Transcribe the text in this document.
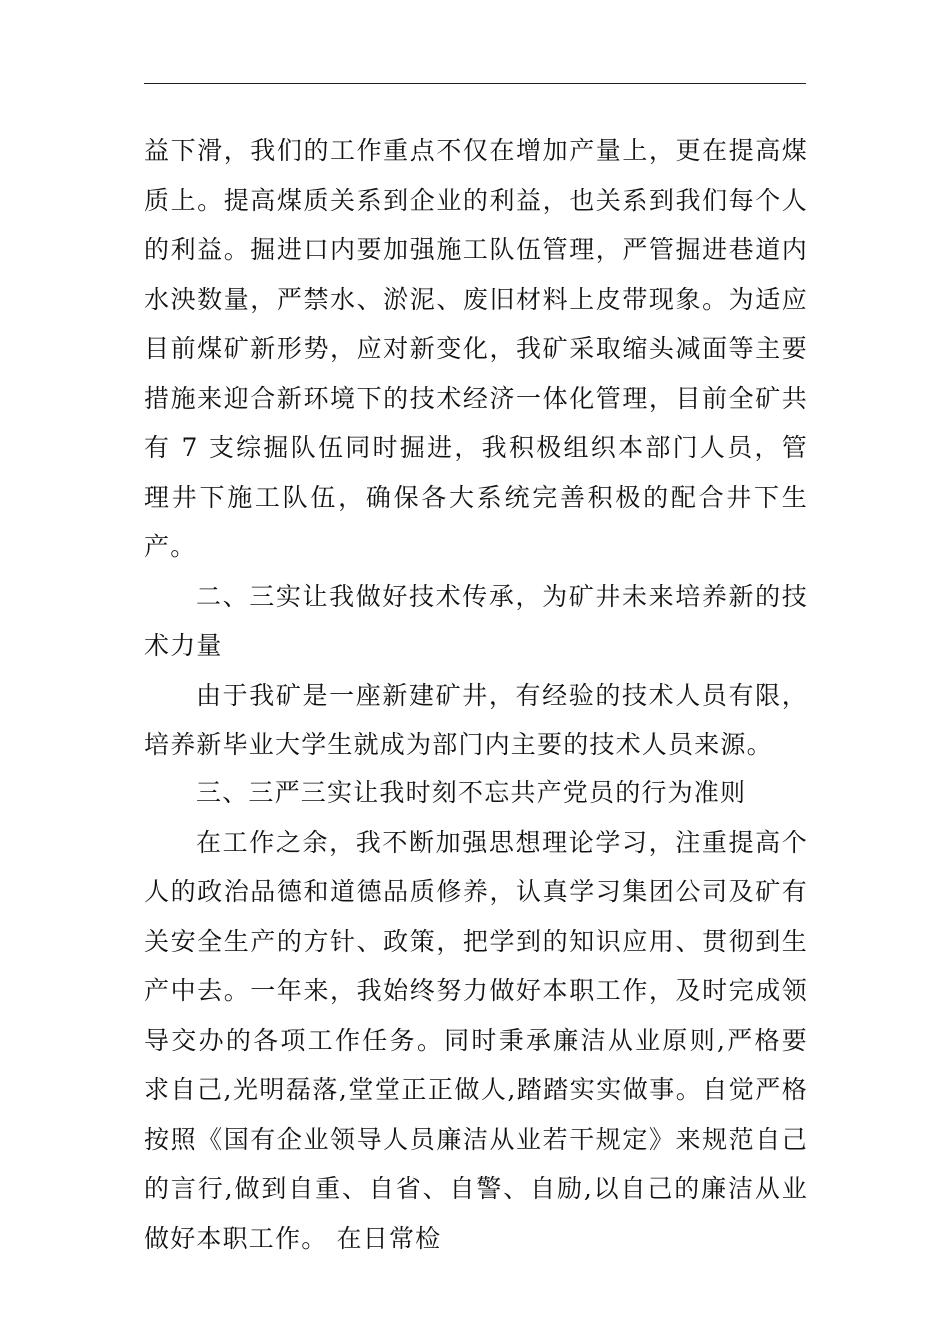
益下滑，我们的工作重点不仅在增加产量上，更在提高煤质上。提高煤质关系到企业的利益，也关系到我们每个人的利益。掘进口内要加强施工队伍管理，严管掘进巷道内水泱数量，严禁水、淤泥、废旧材料上皮带现象。为适应目前煤矿新形势，应对新变化，我矿采取缩头减面等主要措施来迎合新环境下的技术经济一体化管理，目前全矿共有 7 支综掘队伍同时掘进，我积极组织本部门人员，管理井下施工队伍，确保各大系统完善积极的配合井下生产。

二、三实让我做好技术传承，为矿井未来培养新的技术力量

由于我矿是一座新建矿井，有经验的技术人员有限，培养新毕业大学生就成为部门内主要的技术人员来源。

三、三严三实让我时刻不忘共产党员的行为准则

在工作之余，我不断加强思想理论学习，注重提高个人的政治品德和道德品质修养，认真学习集团公司及矿有关安全生产的方针、政策，把学到的知识应用、贯彻到生产中去。一年来，我始终努力做好本职工作，及时完成领导交办的各项工作任务。同时秉承廉洁从业原则,严格要求自己,光明磊落,堂堂正正做人,踏踏实实做事。自觉严格按照《国有企业领导人员廉洁从业若干规定》来规范自己的言行,做到自重、自省、自警、自励,以自己的廉洁从业做好本职工作。 在日常检
